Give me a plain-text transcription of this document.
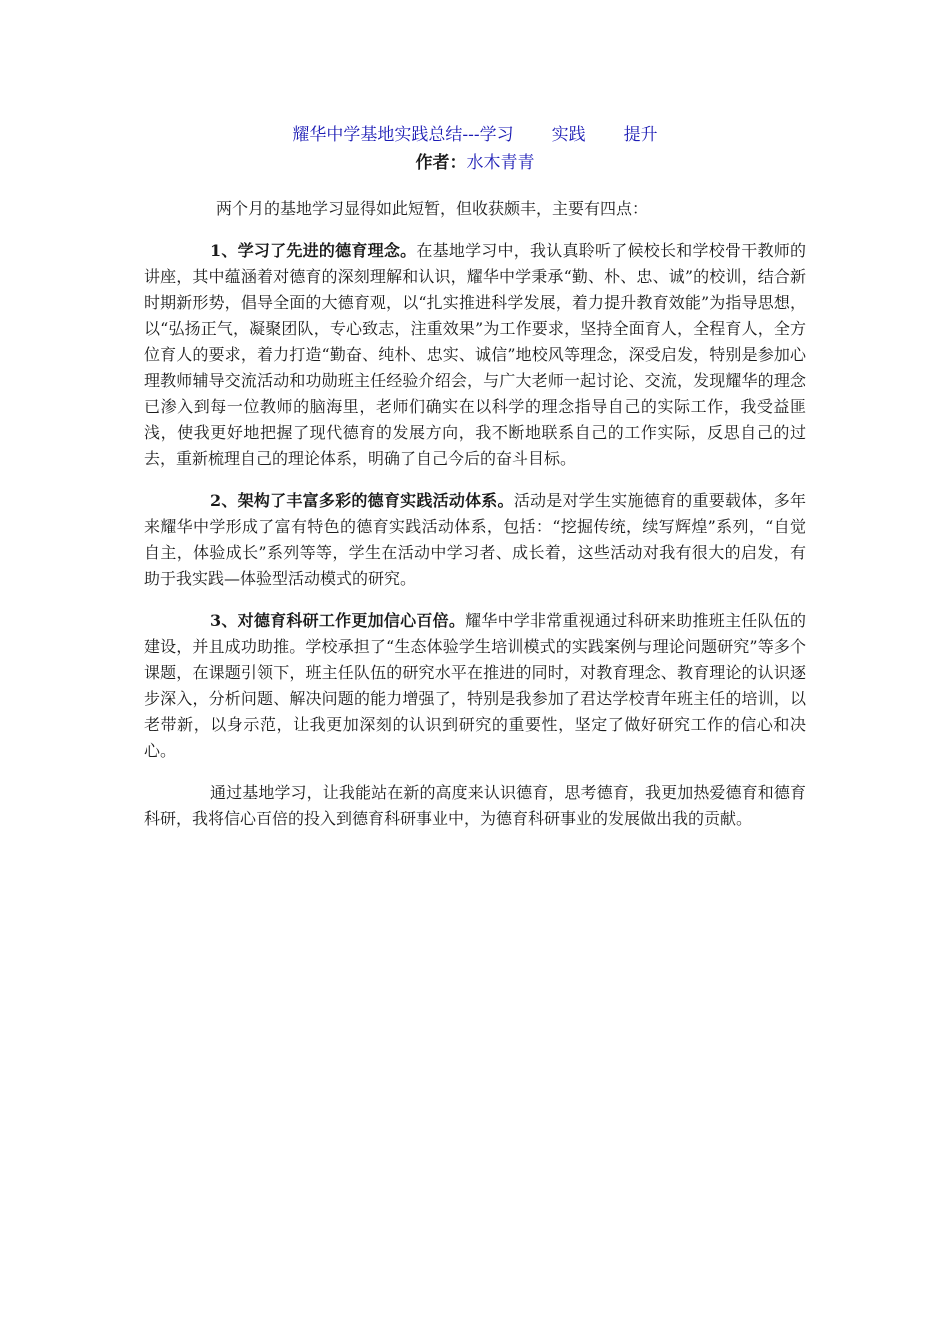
耀华中学基地实践总结---学习 实践 提升
作者：水木青青

两个月的基地学习显得如此短暂，但收获颇丰，主要有四点：

1、学习了先进的德育理念。在基地学习中，我认真聆听了候校长和学校骨干教师的讲座，其中蕴涵着对德育的深刻理解和认识，耀华中学秉承“勤、朴、忠、诚”的校训，结合新时期新形势，倡导全面的大德育观，以“扎实推进科学发展，着力提升教育效能”为指导思想，以“弘扬正气，凝聚团队，专心致志，注重效果”为工作要求，坚持全面育人，全程育人，全方位育人的要求，着力打造“勤奋、纯朴、忠实、诚信”地校风等理念，深受启发，特别是参加心理教师辅导交流活动和功勋班主任经验介绍会，与广大老师一起讨论、交流，发现耀华的理念已渗入到每一位教师的脑海里，老师们确实在以科学的理念指导自己的实际工作，我受益匪浅，使我更好地把握了现代德育的发展方向，我不断地联系自己的工作实际，反思自己的过去，重新梳理自己的理论体系，明确了自己今后的奋斗目标。

2、架构了丰富多彩的德育实践活动体系。活动是对学生实施德育的重要载体，多年来耀华中学形成了富有特色的德育实践活动体系，包括：“挖掘传统，续写辉煌”系列，“自觉自主，体验成长”系列等等，学生在活动中学习者、成长着，这些活动对我有很大的启发，有助于我实践—体验型活动模式的研究。

3、对德育科研工作更加信心百倍。耀华中学非常重视通过科研来助推班主任队伍的建设，并且成功助推。学校承担了“生态体验学生培训模式的实践案例与理论问题研究”等多个课题，在课题引领下，班主任队伍的研究水平在推进的同时，对教育理念、教育理论的认识逐步深入，分析问题、解决问题的能力增强了，特别是我参加了君达学校青年班主任的培训，以老带新，以身示范，让我更加深刻的认识到研究的重要性，坚定了做好研究工作的信心和决心。

通过基地学习，让我能站在新的高度来认识德育，思考德育，我更加热爱德育和德育科研，我将信心百倍的投入到德育科研事业中，为德育科研事业的发展做出我的贡献。
